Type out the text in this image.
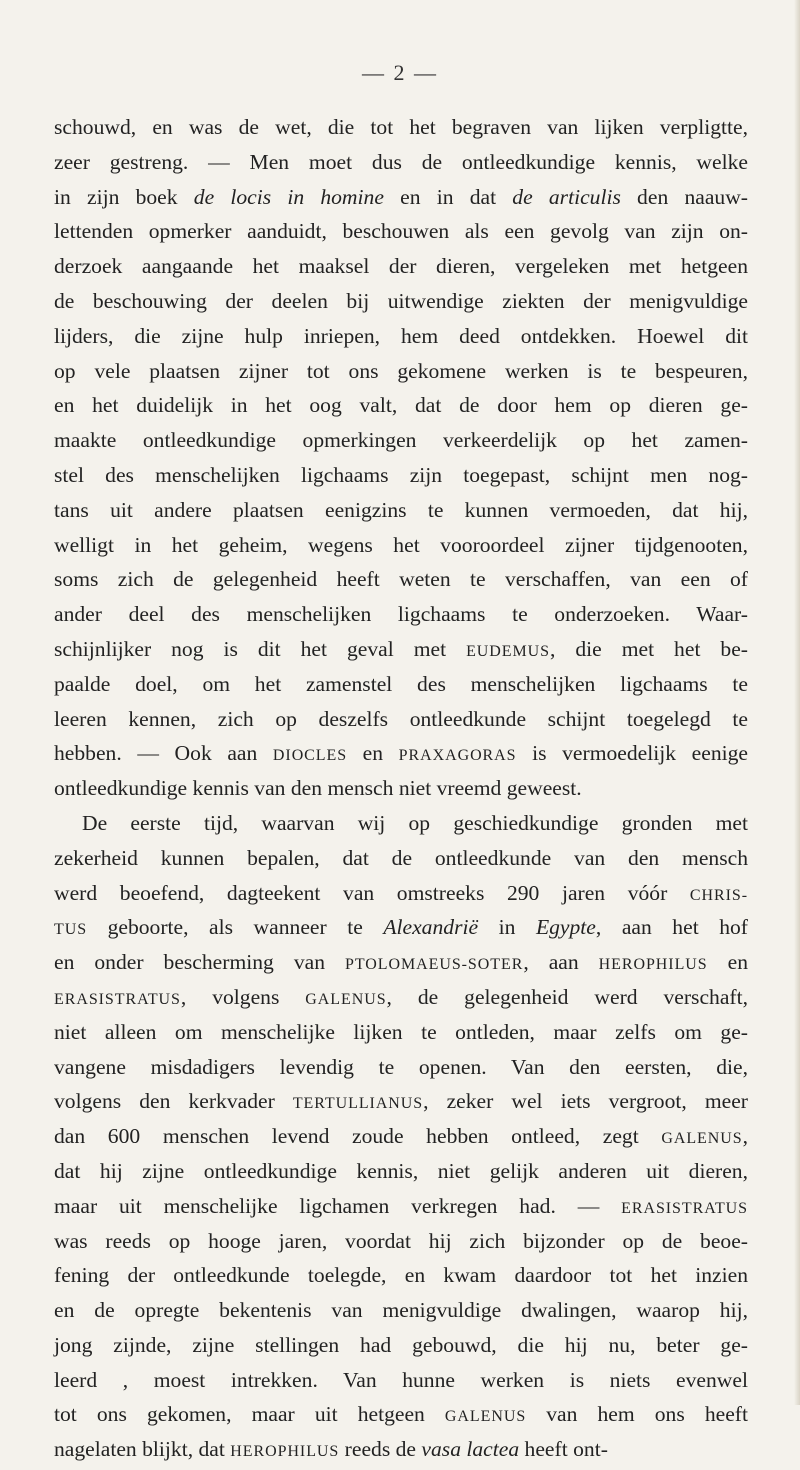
— 2 —
schouwd, en was de wet, die tot het begraven van lijken verpligtte,
zeer gestreng. — Men moet dus de ontleedkundige kennis, welke
in zijn boek de locis in homine en in dat de articulis den naauw-
lettenden opmerker aanduidt, beschouwen als een gevolg van zijn on-
derzoek aangaande het maaksel der dieren, vergeleken met hetgeen
de beschouwing der deelen bij uitwendige ziekten der menigvuldige
lijders, die zijne hulp inriepen, hem deed ontdekken. Hoewel dit
op vele plaatsen zijner tot ons gekomene werken is te bespeuren,
en het duidelijk in het oog valt, dat de door hem op dieren ge-
maakte ontleedkundige opmerkingen verkeerdelijk op het zamen-
stel des menschelijken ligchaams zijn toegepast, schijnt men nog-
tans uit andere plaatsen eenigzins te kunnen vermoeden, dat hij,
welligt in het geheim, wegens het vooroordeel zijner tijdgenooten,
soms zich de gelegenheid heeft weten te verschaffen, van een of
ander deel des menschelijken ligchaams te onderzoeken. Waar-
schijnlijker nog is dit het geval met EUDEMUS, die met het be-
paalde doel, om het zamenstel des menschelijken ligchaams te
leeren kennen, zich op deszelfs ontleedkunde schijnt toegelegd te
hebben. — Ook aan DIOCLES en PRAXAGORAS is vermoedelijk eenige
ontleedkundige kennis van den mensch niet vreemd geweest.
De eerste tijd, waarvan wij op geschiedkundige gronden met
zekerheid kunnen bepalen, dat de ontleedkunde van den mensch
werd beoefend, dagteekent van omstreeks 290 jaren vóór CHRIS-
TUS geboorte, als wanneer te Alexandrië in Egypte, aan het hof
en onder bescherming van PTOLOMAEUS-SOTER, aan HEROPHILUS en
ERASISTRATUS, volgens GALENUS, de gelegenheid werd verschaft,
niet alleen om menschelijke lijken te ontleden, maar zelfs om ge-
vangene misdadigers levendig te openen. Van den eersten, die,
volgens den kerkvader TERTULLIANUS, zeker wel iets vergroot, meer
dan 600 menschen levend zoude hebben ontleed, zegt GALENUS,
dat hij zijne ontleedkundige kennis, niet gelijk anderen uit dieren,
maar uit menschelijke ligchamen verkregen had. — ERASISTRATUS
was reeds op hooge jaren, voordat hij zich bijzonder op de beoe-
fening der ontleedkunde toelegde, en kwam daardoor tot het inzien
en de opregte bekentenis van menigvuldige dwalingen, waarop hij,
jong zijnde, zijne stellingen had gebouwd, die hij nu, beter ge-
leerd , moest intrekken. Van hunne werken is niets evenwel
tot ons gekomen, maar uit hetgeen GALENUS van hem ons heeft
nagelaten blijkt, dat HEROPHILUS reeds de vasa lactea heeft ont-
